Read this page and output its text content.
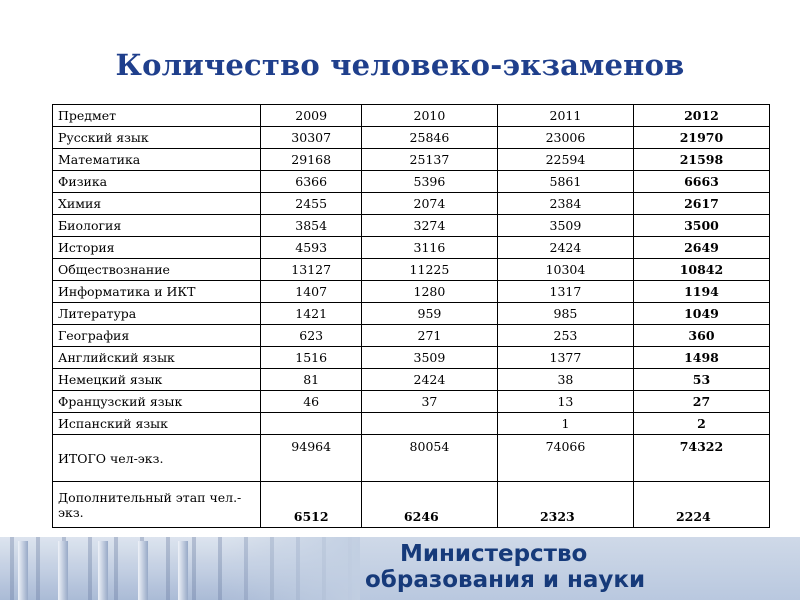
Количество человеко-экзаменов
Предмет	2009	2010	2011	2012
Русский язык	30307	25846	23006	21970
Математика	29168	25137	22594	21598
Физика	6366	5396	5861	6663
Химия	2455	2074	2384	2617
Биология	3854	3274	3509	3500
История	4593	3116	2424	2649
Обществознание	13127	11225	10304	10842
Информатика и ИКТ	1407	1280	1317	1194
Литература	1421	959	985	1049
География	623	271	253	360
Английский язык	1516	3509	1377	1498
Немецкий язык	81	2424	38	53
Французский язык	46	37	13	27
Испанский язык			1	2
ИТОГО чел-экз.	94964	80054	74066	74322
Дополнительный этап чел.-экз.	6512	6246	2323	2224
Министерство
образования и науки
